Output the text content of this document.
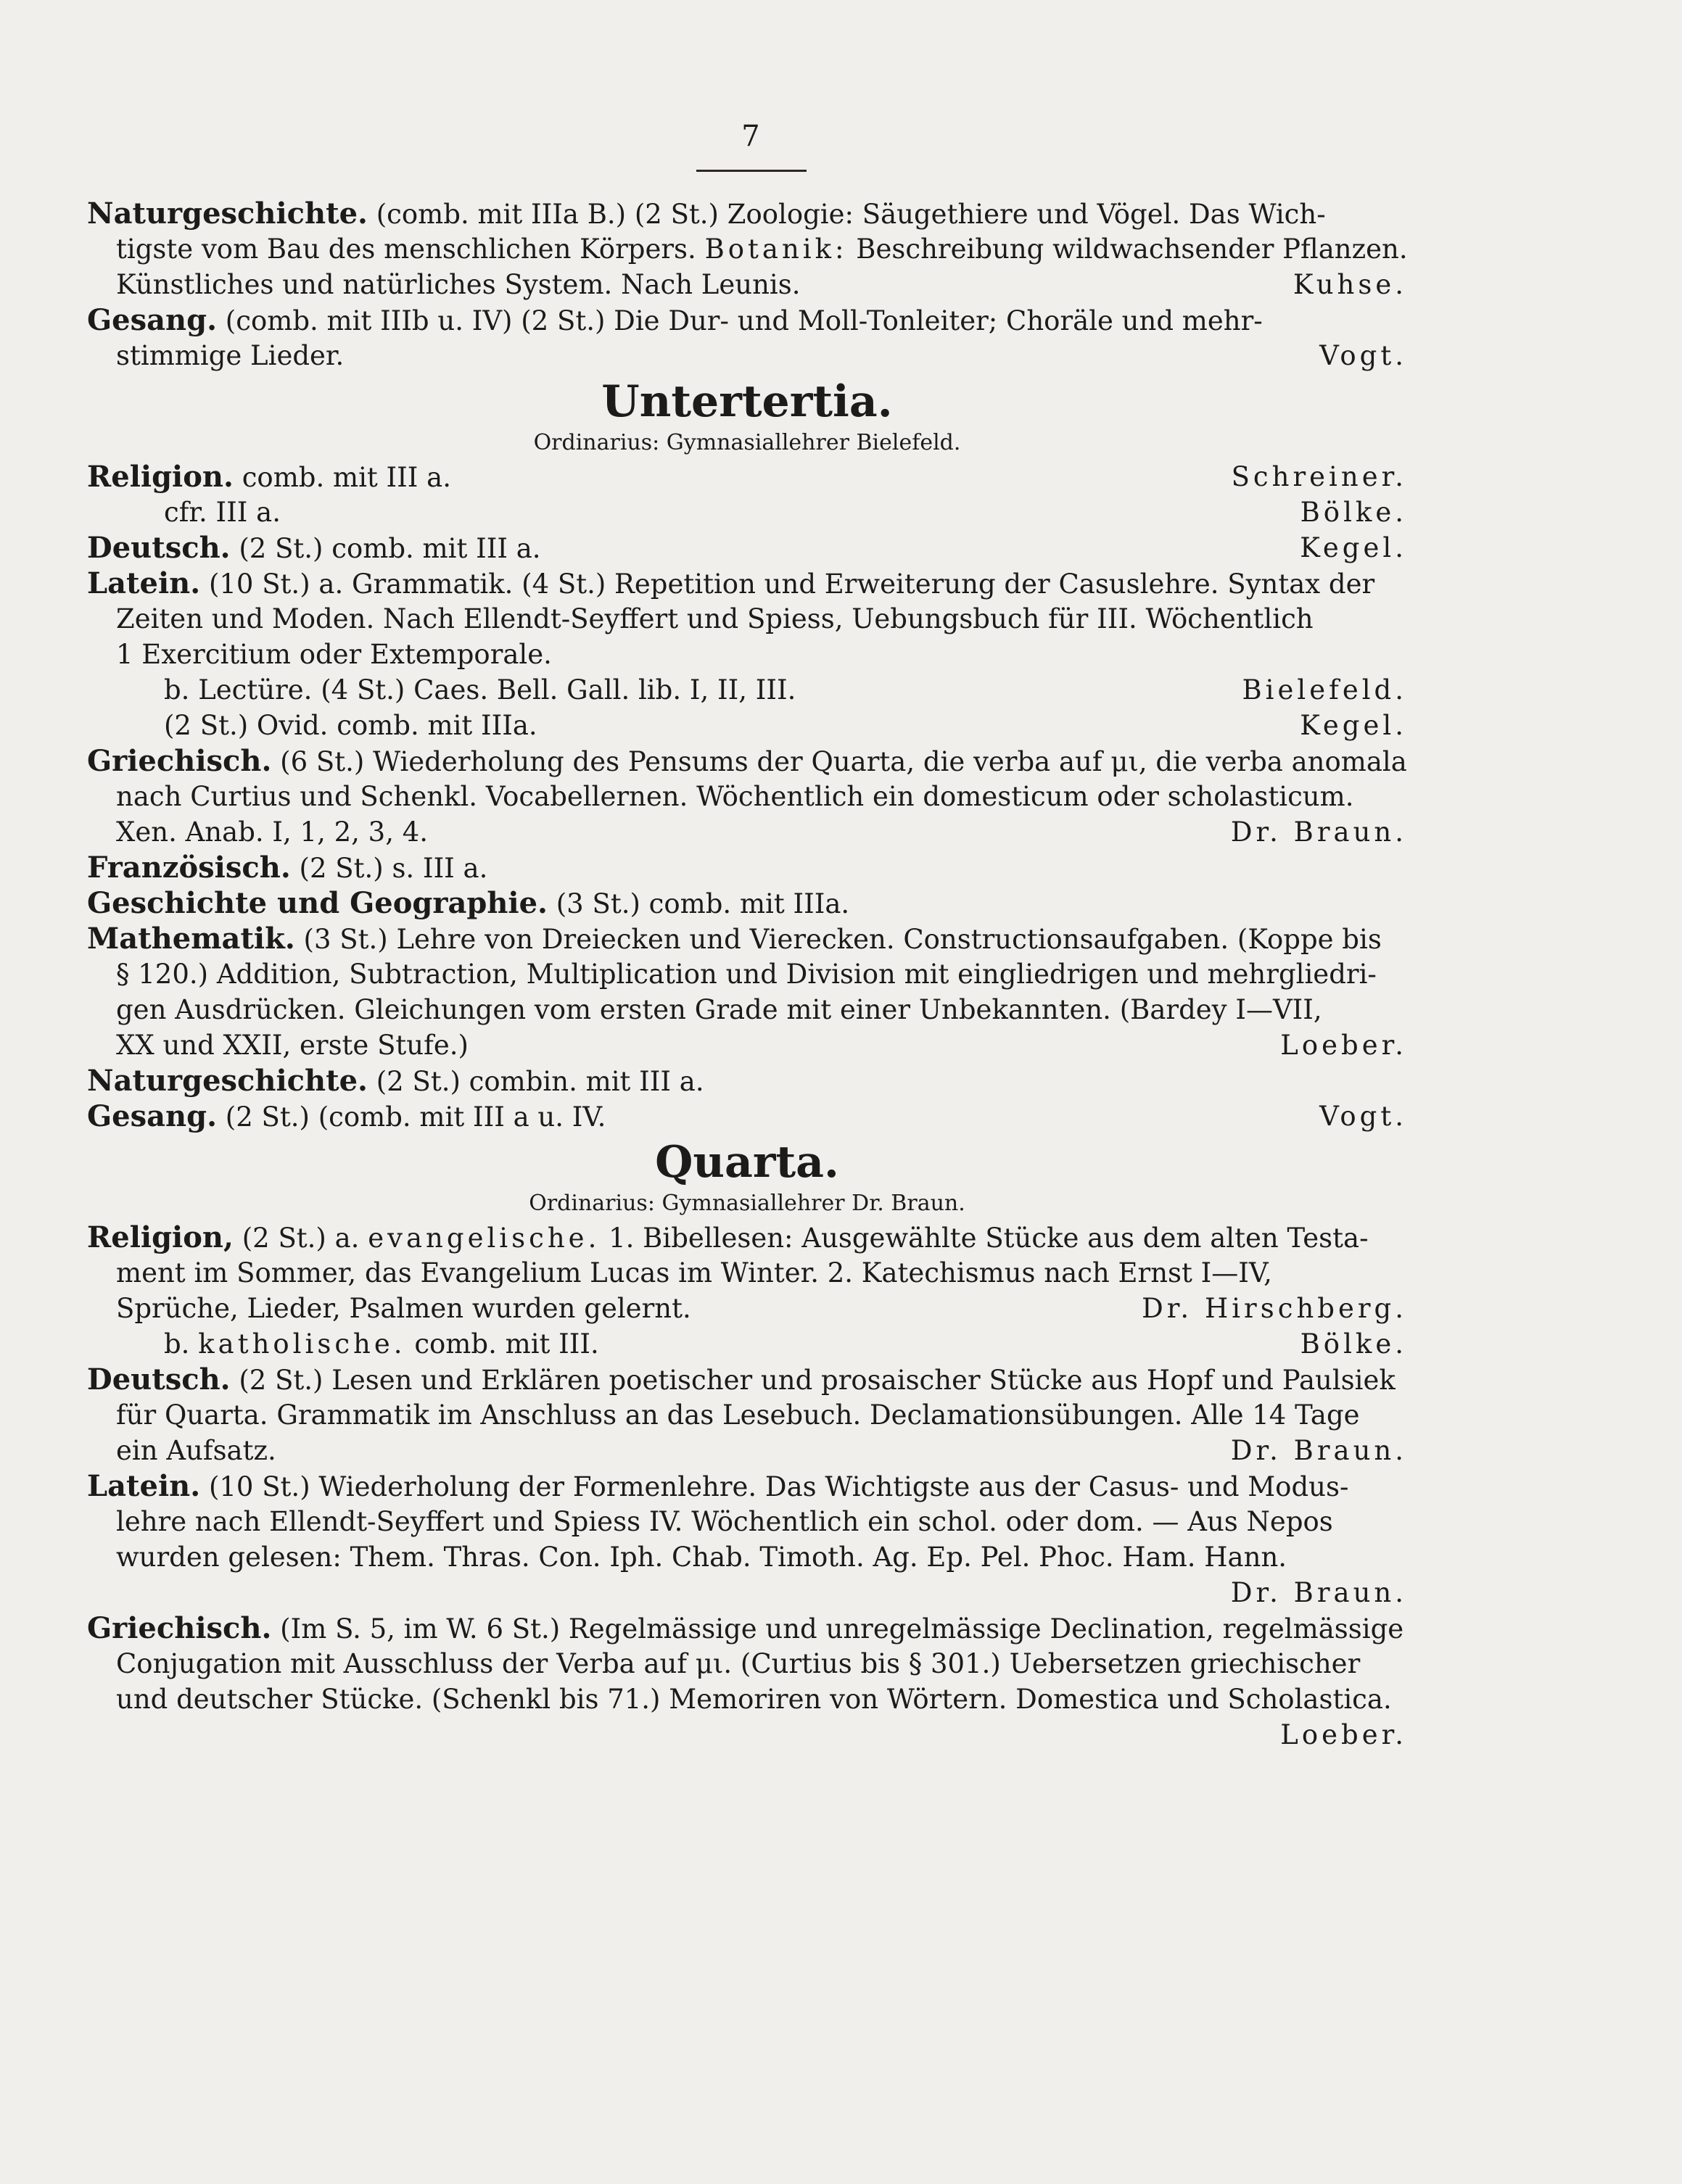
7
Naturgeschichte. (comb. mit IIIa B.) (2 St.) Zoologie: Säugethiere und Vögel. Das Wich-
tigste vom Bau des menschlichen Körpers. Botanik: Beschreibung wildwachsender Pflanzen.
Künstliches und natürliches System. Nach Leunis.	Kuhse.
Gesang. (comb. mit IIIb u. IV) (2 St.) Die Dur- und Moll-Tonleiter; Choräle und mehr-
stimmige Lieder.	Vogt.
Untertertia.
Ordinarius: Gymnasiallehrer Bielefeld.
Religion. comb. mit III a.	Schreiner.
cfr. III a.	Bölke.
Deutsch. (2 St.) comb. mit III a.	Kegel.
Latein. (10 St.) a. Grammatik. (4 St.) Repetition und Erweiterung der Casuslehre. Syntax der
Zeiten und Moden. Nach Ellendt-Seyffert und Spiess, Uebungsbuch für III. Wöchentlich
1 Exercitium oder Extemporale.
b. Lectüre. (4 St.) Caes. Bell. Gall. lib. I, II, III.	Bielefeld.
(2 St.) Ovid. comb. mit IIIa.	Kegel.
Griechisch. (6 St.) Wiederholung des Pensums der Quarta, die verba auf μι, die verba anomala
nach Curtius und Schenkl. Vocabellernen. Wöchentlich ein domesticum oder scholasticum.
Xen. Anab. I, 1, 2, 3, 4.	Dr. Braun.
Französisch. (2 St.) s. III a.
Geschichte und Geographie. (3 St.) comb. mit IIIa.
Mathematik. (3 St.) Lehre von Dreiecken und Vierecken. Constructionsaufgaben. (Koppe bis
§ 120.) Addition, Subtraction, Multiplication und Division mit eingliedrigen und mehrgliedri-
gen Ausdrücken. Gleichungen vom ersten Grade mit einer Unbekannten. (Bardey I—VII,
XX und XXII, erste Stufe.)	Loeber.
Naturgeschichte. (2 St.) combin. mit III a.
Gesang. (2 St.) (comb. mit III a u. IV.	Vogt.
Quarta.
Ordinarius: Gymnasiallehrer Dr. Braun.
Religion, (2 St.) a. evangelische. 1. Bibellesen: Ausgewählte Stücke aus dem alten Testa-
ment im Sommer, das Evangelium Lucas im Winter. 2. Katechismus nach Ernst I—IV,
Sprüche, Lieder, Psalmen wurden gelernt.	Dr. Hirschberg.
b. katholische. comb. mit III.	Bölke.
Deutsch. (2 St.) Lesen und Erklären poetischer und prosaischer Stücke aus Hopf und Paulsiek
für Quarta. Grammatik im Anschluss an das Lesebuch. Declamationsübungen. Alle 14 Tage
ein Aufsatz.	Dr. Braun.
Latein. (10 St.) Wiederholung der Formenlehre. Das Wichtigste aus der Casus- und Modus-
lehre nach Ellendt-Seyffert und Spiess IV. Wöchentlich ein schol. oder dom. — Aus Nepos
wurden gelesen: Them. Thras. Con. Iph. Chab. Timoth. Ag. Ep. Pel. Phoc. Ham. Hann.
Dr. Braun.
Griechisch. (Im S. 5, im W. 6 St.) Regelmässige und unregelmässige Declination, regelmässige
Conjugation mit Ausschluss der Verba auf μι. (Curtius bis § 301.) Uebersetzen griechischer
und deutscher Stücke. (Schenkl bis 71.) Memoriren von Wörtern. Domestica und Scholastica.
Loeber.
